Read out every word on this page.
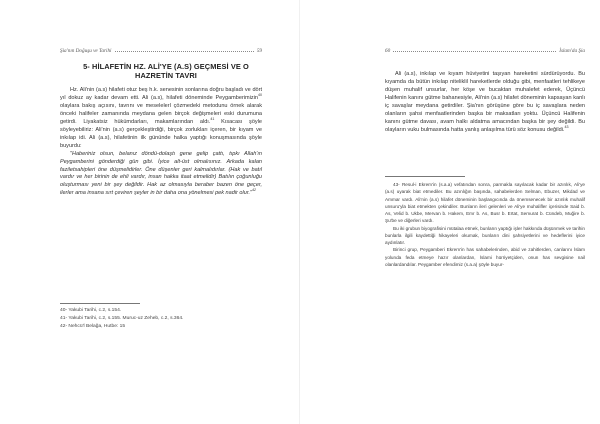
Şia'nın Doğuşu ve Tarihi	59
5- HİLAFETİN HZ. ALİ'YE (A.S) GEÇMESİ VE O HAZRETİN TAVRI

Hz. Ali'nin (a.s) hilafeti otuz beş h.k. senesinin sonlarına doğru başladı ve dört yıl dokuz ay kadar devam etti. Ali (a.s), hilafeti döneminde Peygamberimizin$^{40}$ olaylara bakış açısını, tavrını ve meselelerl çözmedeki metodunu örnek alarak önceki halifeler zamanında meydana gelen birçok değişmeleri eski durumuna getirdi. Liyakatsiz hükümdarları, makamlarından aldı.$^{41}$ Kısacası şöyle söyleyebiliriz: Ali'nin (a.s) gerçekleştirdiği, birçok zorlukları içeren, bir kıyam ve inkılap idi. Ali (a.s), hilafetinin ilk gününde halka yaptığı konuşmasında şöyle buyurdu:

"Haberiniz olsun, belanız döndü-dolaştı gene gelip çattı, tıpkı Allah'ın Peygamberini gönderdiği gün gibi. İyice alt-üst olmalısınız. Arkada kalan faziletsahipleri öne düşmelidirler. Öne düşenler geri kalmalıdırlar. (Hak ve batıl vardır ve her birinin de ehli vardır, insan hakka itaat etmelidir) Batılın çoğunluğu oluşturması yeni bir şey değildir. Hak az olmasıyla beraber bazen öne geçer, ilerler ama insana sırt çeviren şeyler in bir daha ona yönelmesi pek nadir olur."$^{42}$

40- Yakubi Tarihi, c.2, s.154.
41- Yakubi Tarihi, c.2, s.155. Muruc-uz Zeheb, c.2, s.364.
42- Nehcü'l Belağa, Hutbe: 15
60	İslam'da Şia

Ali (a.s), inkılap ve kıyam hüviyetini taşıyan hareketini sürdürüyordu. Bu kıyamda da bütün inkılap niteliklil hareketlerde olduğu gibi, menfaatleri tehlikeye düşen muhalif unsurlar, her köşe ve bucaktan muhalefet ederek, Üçüncü Halifenin kanını gütme bahanesiyle, Ali'nin (a.s) hilafet döneminin kapsayan kanlı iç savaşlar meydana getirdiler. Şia'nın görüşüne göre bu iç savaşlara neden olanların şahsi menfaatlerinden başka bir maksatları yoktu. Üçüncü Halifenin kanını gütme davası, avam halkı aldatma amacından başka bir şey değildi. Bu olayların vuku bulmasında hatta yanlış anlaşılma türü söz konusu değildi.$^{43}$

43- Resul-i Ekrem'in (s.a.a) vefatından sonra, parmakla sayılacak kadar bir azınlık, Ali'ye (a.s) uyarak biat etmediler. Bu azınlığın başında, sahabelerden Selman, Ebuzer, Mikdad ve Ammar vardı. Ali'nin (a.s) hilafet döneminin başlangıcında da önemsenecek bir azınlık muhalif unsuru'yla biat etmekten çekindiler. Bunların ileri gelenleri ve Ali'ye muhalifler içerisinde Said b. As, Velid b. Ukbe, Mervan b. Hakem, Emr b. As, Busr b. Ertat, Semurat b. Cündeb, Muğire b. Şu'be ve diğerleri vardı.

Bu iki grubun biyografisini mütalaa etmek, bunların yaptığı işler hakkında düşünmek ve tarihin bunlarla ilgili kaydettiği hikayeleri okumak, bunların dini şahsiyetlerini ve hedeflerini iyice aydınlatır.

Birinci grup, Peygamberi Ekrem'in has sahabelerinden, abid ve zahitlerden, canlarını İslam yolunda feda etmeye hazır olanlardan, İslami hürriyetçiden, onun has sevgisine nail olanlardandılar. Peygamber efendimiz (s.a.a) şöyle buyur-
